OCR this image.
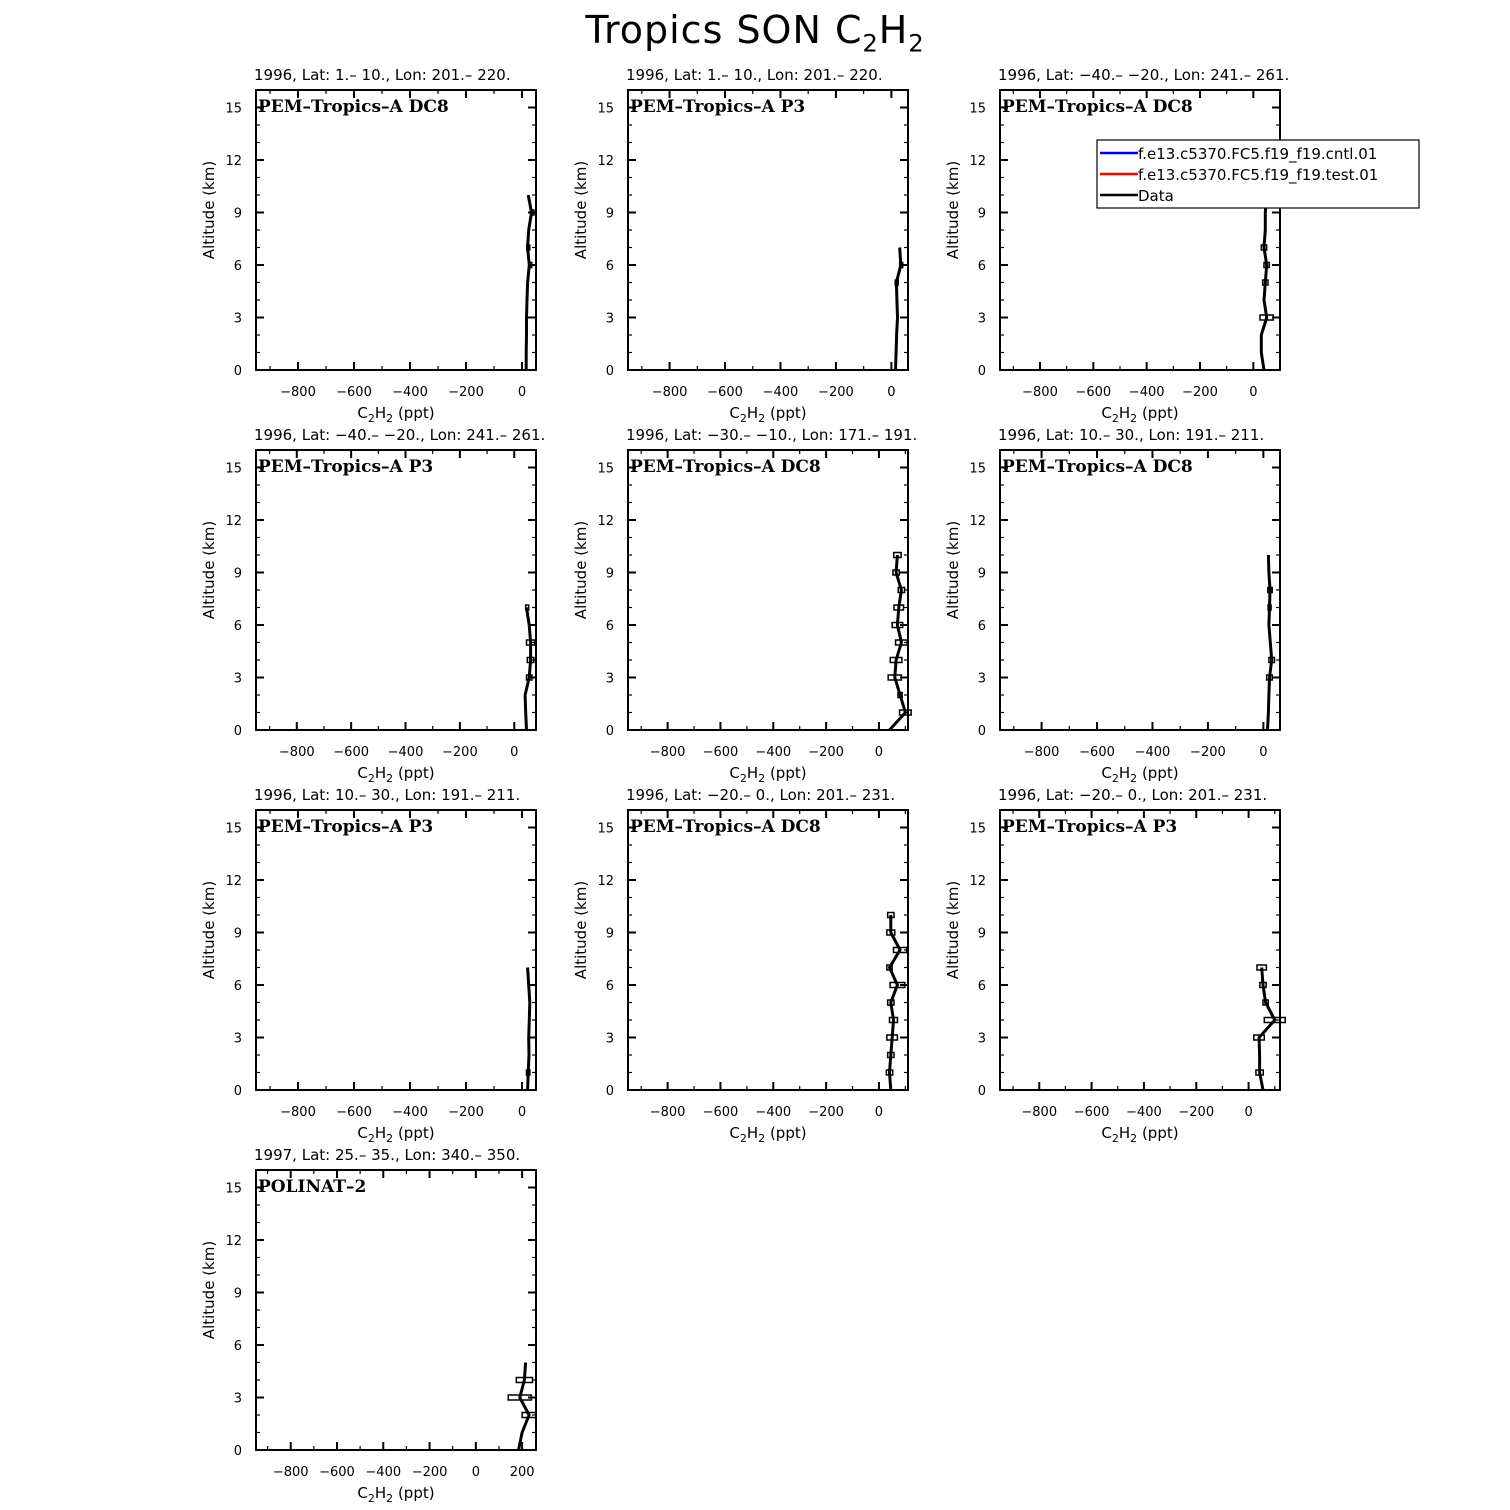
Tropics SON $C_2H_2$
1996, Lat: 1.– 10., Lon: 201.– 220.
PEM–Tropics–A DC8
0
3
6
9
12
15
−800 −600 −400 −200	0
$C_2H_2$ (ppt)
Altitude (km)
1996, Lat: 1.– 10., Lon: 201.– 220.
PEM–Tropics–A P3
0
3
6
9
12
15
−800 −600 −400 −200	0
$C_2H_2$ (ppt)
Altitude (km)
1996, Lat: −40.– −20., Lon: 241.– 261.
PEM–Tropics–A DC8
0
3
6
9
12
15
−800 −600 −400 −200 0
$C_2H_2$ (ppt)
Altitude (km)
1996, Lat: −40.– −20., Lon: 241.– 261.
PEM–Tropics–A P3
0
3
6
9
12
15
−800 −600 −400 −200 0
$C_2H_2$ (ppt)
Altitude (km)
1996, Lat: −30.– −10., Lon: 171.– 191.
PEM–Tropics–A DC8
0
3
6
9
12
15
−800 −600 −400 −200 0
$C_2H_2$ (ppt)
Altitude (km)
1996, Lat: 10.– 30., Lon: 191.– 211.
PEM–Tropics–A DC8
0
3
6
9
12
15
−800 −600 −400 −200	0
$C_2H_2$ (ppt)
Altitude (km)
1996, Lat: 10.– 30., Lon: 191.– 211.
PEM–Tropics–A P3
0
3
6
9
12
15
−800 −600 −400 −200	0
$C_2H_2$ (ppt)
Altitude (km)
1996, Lat: −20.– 0., Lon: 201.– 231.
PEM–Tropics–A DC8
0
3
6
9
12
15
−800 −600 −400 −200 0
$C_2H_2$ (ppt)
Altitude (km)
1996, Lat: −20.– 0., Lon: 201.– 231.
PEM–Tropics–A P3
0
3
6
9
12
15
−800 −600 −400 −200 0
$C_2H_2$ (ppt)
Altitude (km)
1997, Lat: 25.– 35., Lon: 340.– 350.
POLINAT–2
0
3
6
9
12
15
−800 −600 −400 −200 0 200
$C_2H_2$ (ppt)
Altitude (km)
f.e13.c5370.FC5.f19_f19.cntl.01
f.e13.c5370.FC5.f19_f19.test.01
Data
